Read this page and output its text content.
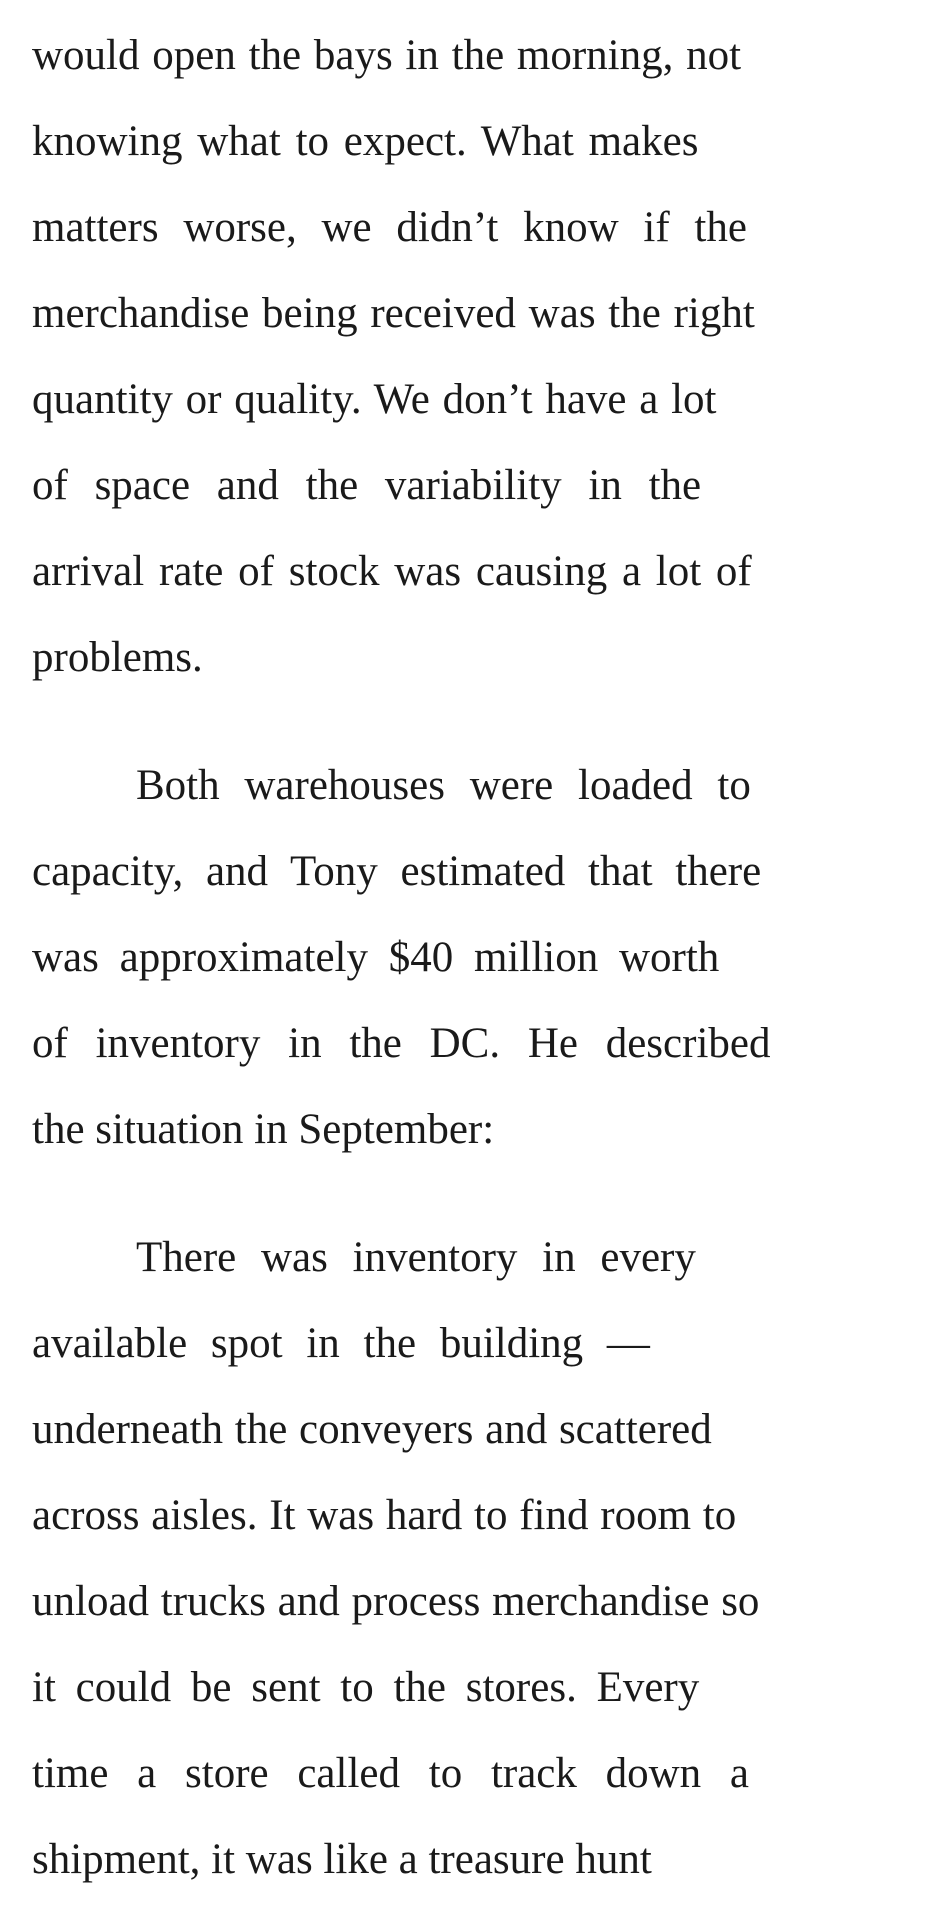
would open the bays in the morning, not
knowing what to expect. What makes
matters worse, we didn’t know if the
merchandise being received was the right
quantity or quality. We don’t have a lot
of space and the variability in the
arrival rate of stock was causing a lot of
problems.
Both warehouses were loaded to
capacity, and Tony estimated that there
was approximately $40 million worth
of inventory in the DC. He described
the situation in September:
There was inventory in every
available spot in the building —
underneath the conveyers and scattered
across aisles. It was hard to find room to
unload trucks and process merchandise so
it could be sent to the stores. Every
time a store called to track down a
shipment, it was like a treasure hunt
